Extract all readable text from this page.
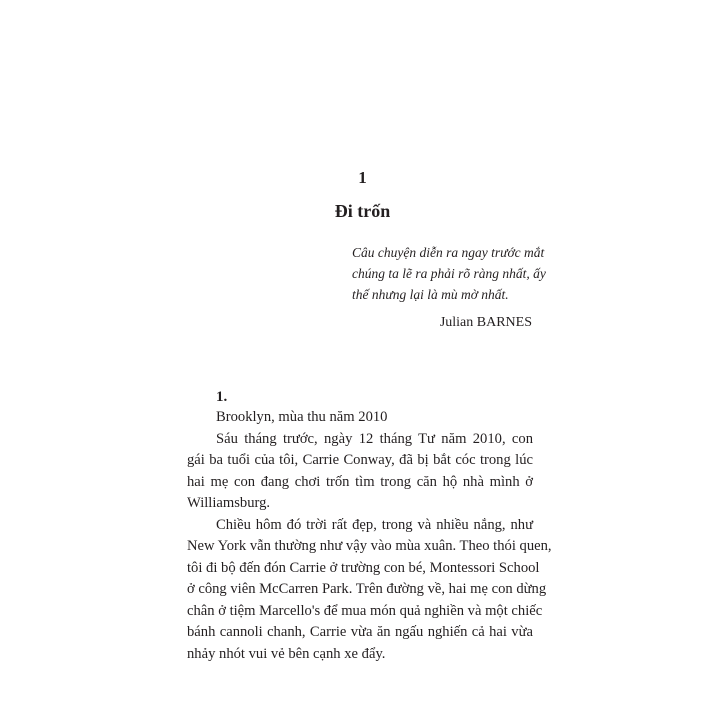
1
Đi trốn
Câu chuyện diễn ra ngay trước mắt
chúng ta lẽ ra phải rõ ràng nhất, ấy
thế nhưng lại là mù mờ nhất.
Julian BARNES
1.
Brooklyn, mùa thu năm 2010
Sáu tháng trước, ngày 12 tháng Tư năm 2010, con
gái ba tuổi của tôi, Carrie Conway, đã bị bắt cóc trong lúc
hai mẹ con đang chơi trốn tìm trong căn hộ nhà mình ở
Williamsburg.
Chiều hôm đó trời rất đẹp, trong và nhiều nắng, như
New York vẫn thường như vậy vào mùa xuân. Theo thói quen,
tôi đi bộ đến đón Carrie ở trường con bé, Montessori School
ở công viên McCarren Park. Trên đường về, hai mẹ con dừng
chân ở tiệm Marcello's để mua món quả nghiền và một chiếc
bánh cannoli chanh, Carrie vừa ăn ngấu nghiến cả hai vừa
nhảy nhót vui vẻ bên cạnh xe đẩy.
